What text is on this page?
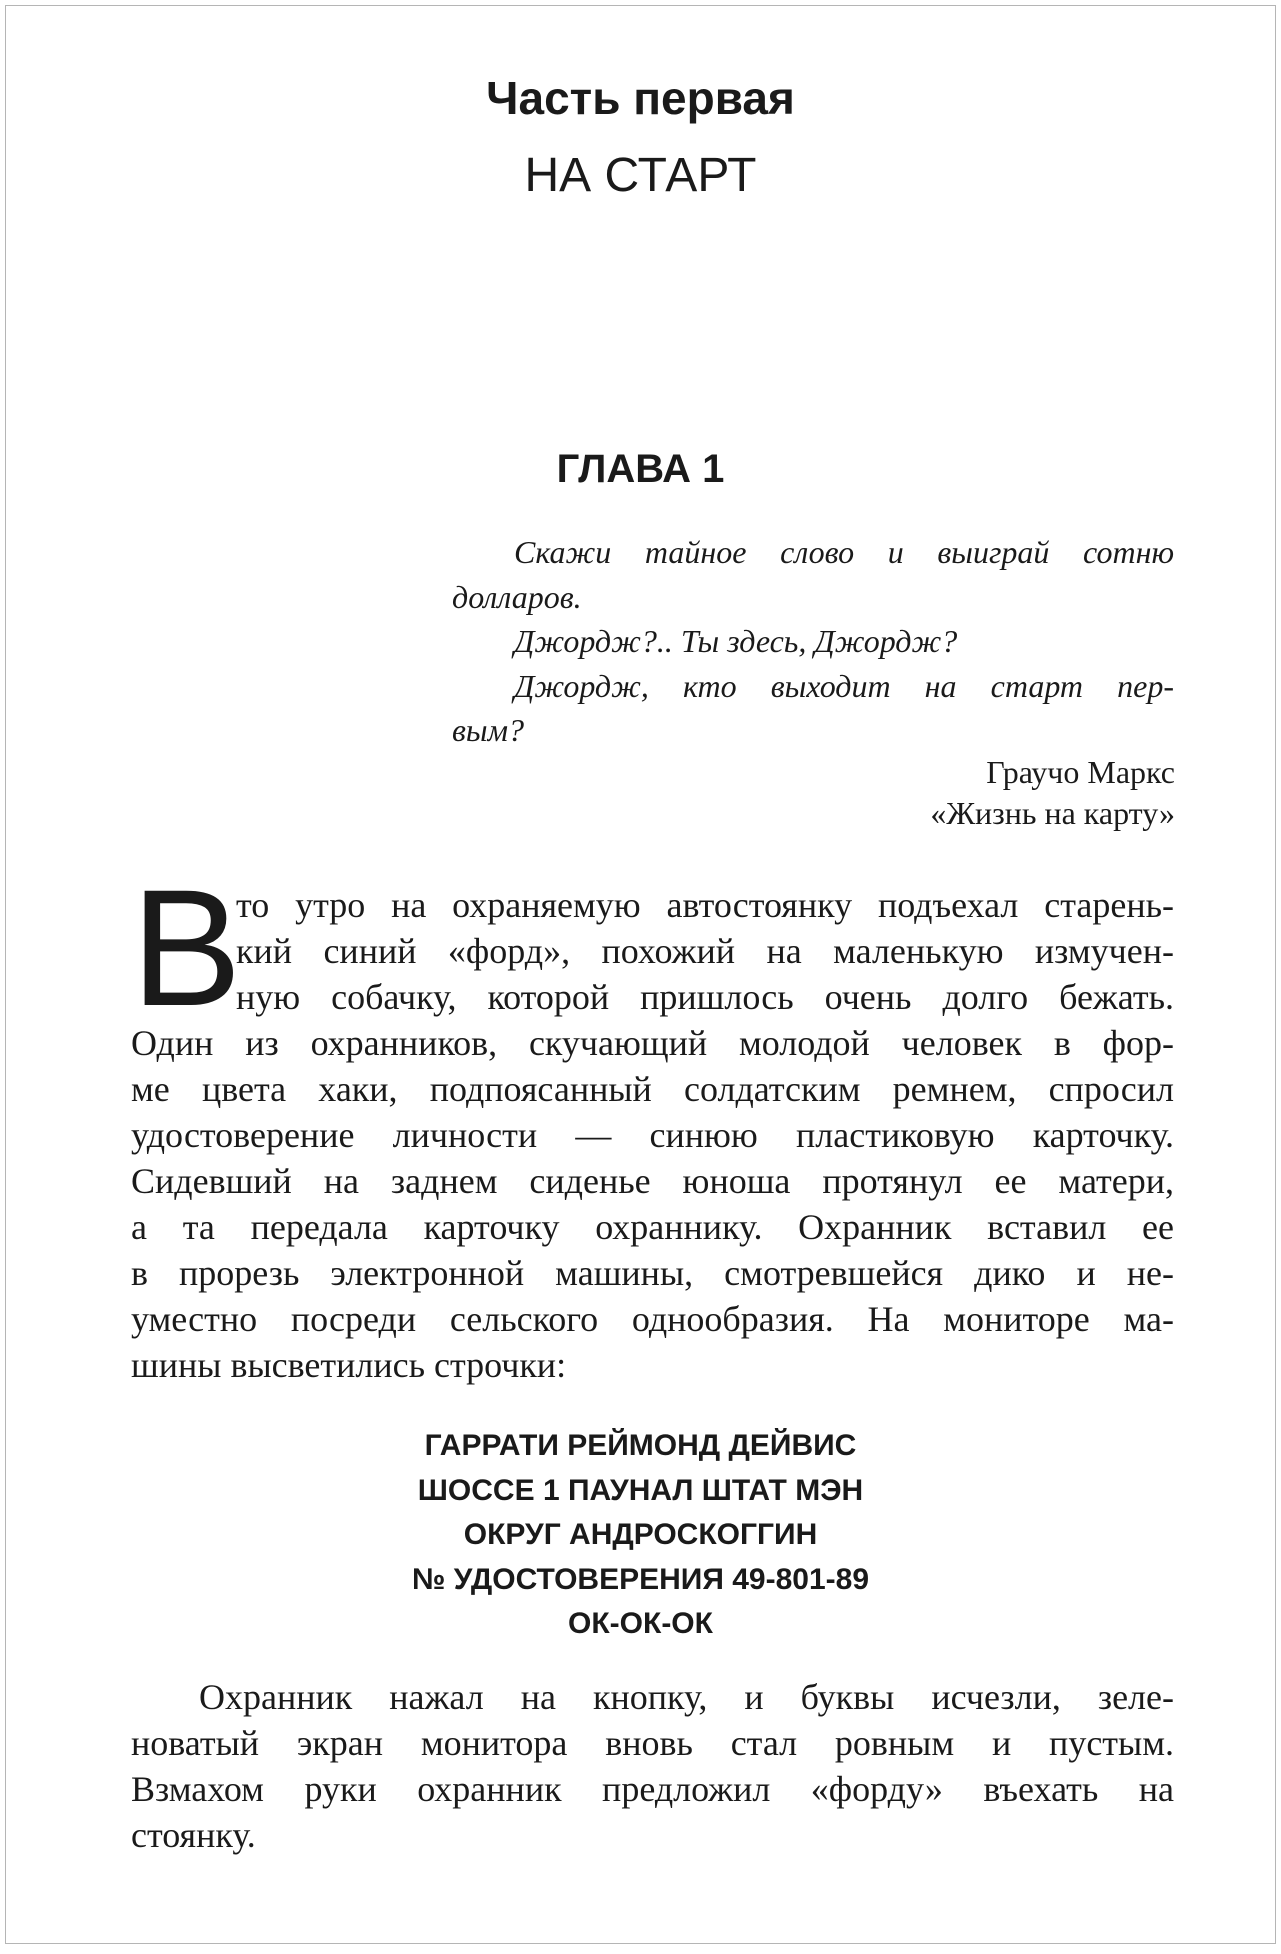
Часть первая
НА СТАРТ
ГЛАВА 1
Скажи тайное слово и выиграй сотню
долларов.
Джордж?.. Ты здесь, Джордж?
Джордж, кто выходит на старт пер-
вым?
Граучо Маркс
«Жизнь на карту»
В
то утро на охраняемую автостоянку подъехал старень-
кий синий «форд», похожий на маленькую измучен-
ную собачку, которой пришлось очень долго бежать.
Один из охранников, скучающий молодой человек в фор-
ме цвета хаки, подпоясанный солдатским ремнем, спросил
удостоверение личности — синюю пластиковую карточку.
Сидевший на заднем сиденье юноша протянул ее матери,
а та передала карточку охраннику. Охранник вставил ее
в прорезь электронной машины, смотревшейся дико и не-
уместно посреди сельского однообразия. На мониторе ма-
шины высветились строчки:
ГАРРАТИ РЕЙМОНД ДЕЙВИС
ШОССЕ 1 ПАУНАЛ ШТАТ МЭН
ОКРУГ АНДРОСКОГГИН
№ УДОСТОВЕРЕНИЯ 49-801-89
ОК-ОК-ОК
Охранник нажал на кнопку, и буквы исчезли, зеле-
новатый экран монитора вновь стал ровным и пустым.
Взмахом руки охранник предложил «форду» въехать на
стоянку.
